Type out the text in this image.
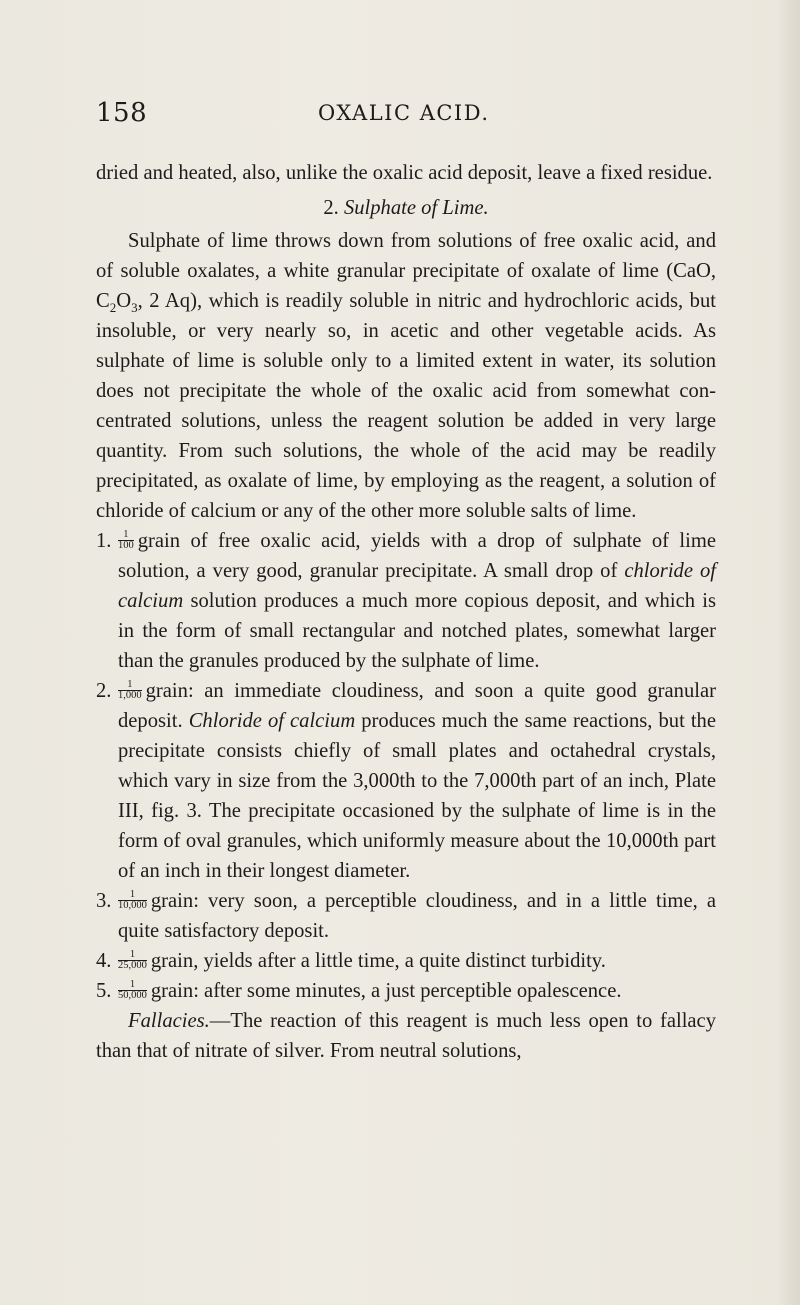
158	OXALIC ACID.

dried and heated, also, unlike the oxalic acid deposit, leave a fixed residue.

2. Sulphate of Lime.

Sulphate of lime throws down from solutions of free oxalic acid, and of soluble oxalates, a white granular precipitate of oxalate of lime (CaO, $C_2O_3$, 2 Aq), which is readily soluble in nitric and hydrochloric acids, but insoluble, or very nearly so, in acetic and other vegetable acids. As sulphate of lime is soluble only to a limited extent in water, its solution does not precipitate the whole of the oxalic acid from somewhat concentrated solutions, unless the reagent solution be added in very large quantity. From such solutions, the whole of the acid may be readily precipitated, as oxalate of lime, by employing as the reagent, a solution of chloride of calcium or any of the other more soluble salts of lime.

1. $\frac{1}{100}$ grain of free oxalic acid, yields with a drop of sulphate of lime solution, a very good, granular precipitate. A small drop of chloride of calcium solution produces a much more copious deposit, and which is in the form of small rectangular and notched plates, somewhat larger than the granules produced by the sulphate of lime.

2. $\frac{1}{1,000}$ grain: an immediate cloudiness, and soon a quite good granular deposit. Chloride of calcium produces much the same reactions, but the precipitate consists chiefly of small plates and octahedral crystals, which vary in size from the 3,000th to the 7,000th part of an inch, Plate III, fig. 3. The precipitate occasioned by the sulphate of lime is in the form of oval granules, which uniformly measure about the 10,000th part of an inch in their longest diameter.

3. $\frac{1}{10,000}$ grain: very soon, a perceptible cloudiness, and in a little time, a quite satisfactory deposit.

4. $\frac{1}{25,000}$ grain, yields after a little time, a quite distinct turbidity.

5. $\frac{1}{50,000}$ grain: after some minutes, a just perceptible opalescence.

Fallacies.—The reaction of this reagent is much less open to fallacy than that of nitrate of silver. From neutral solutions,
